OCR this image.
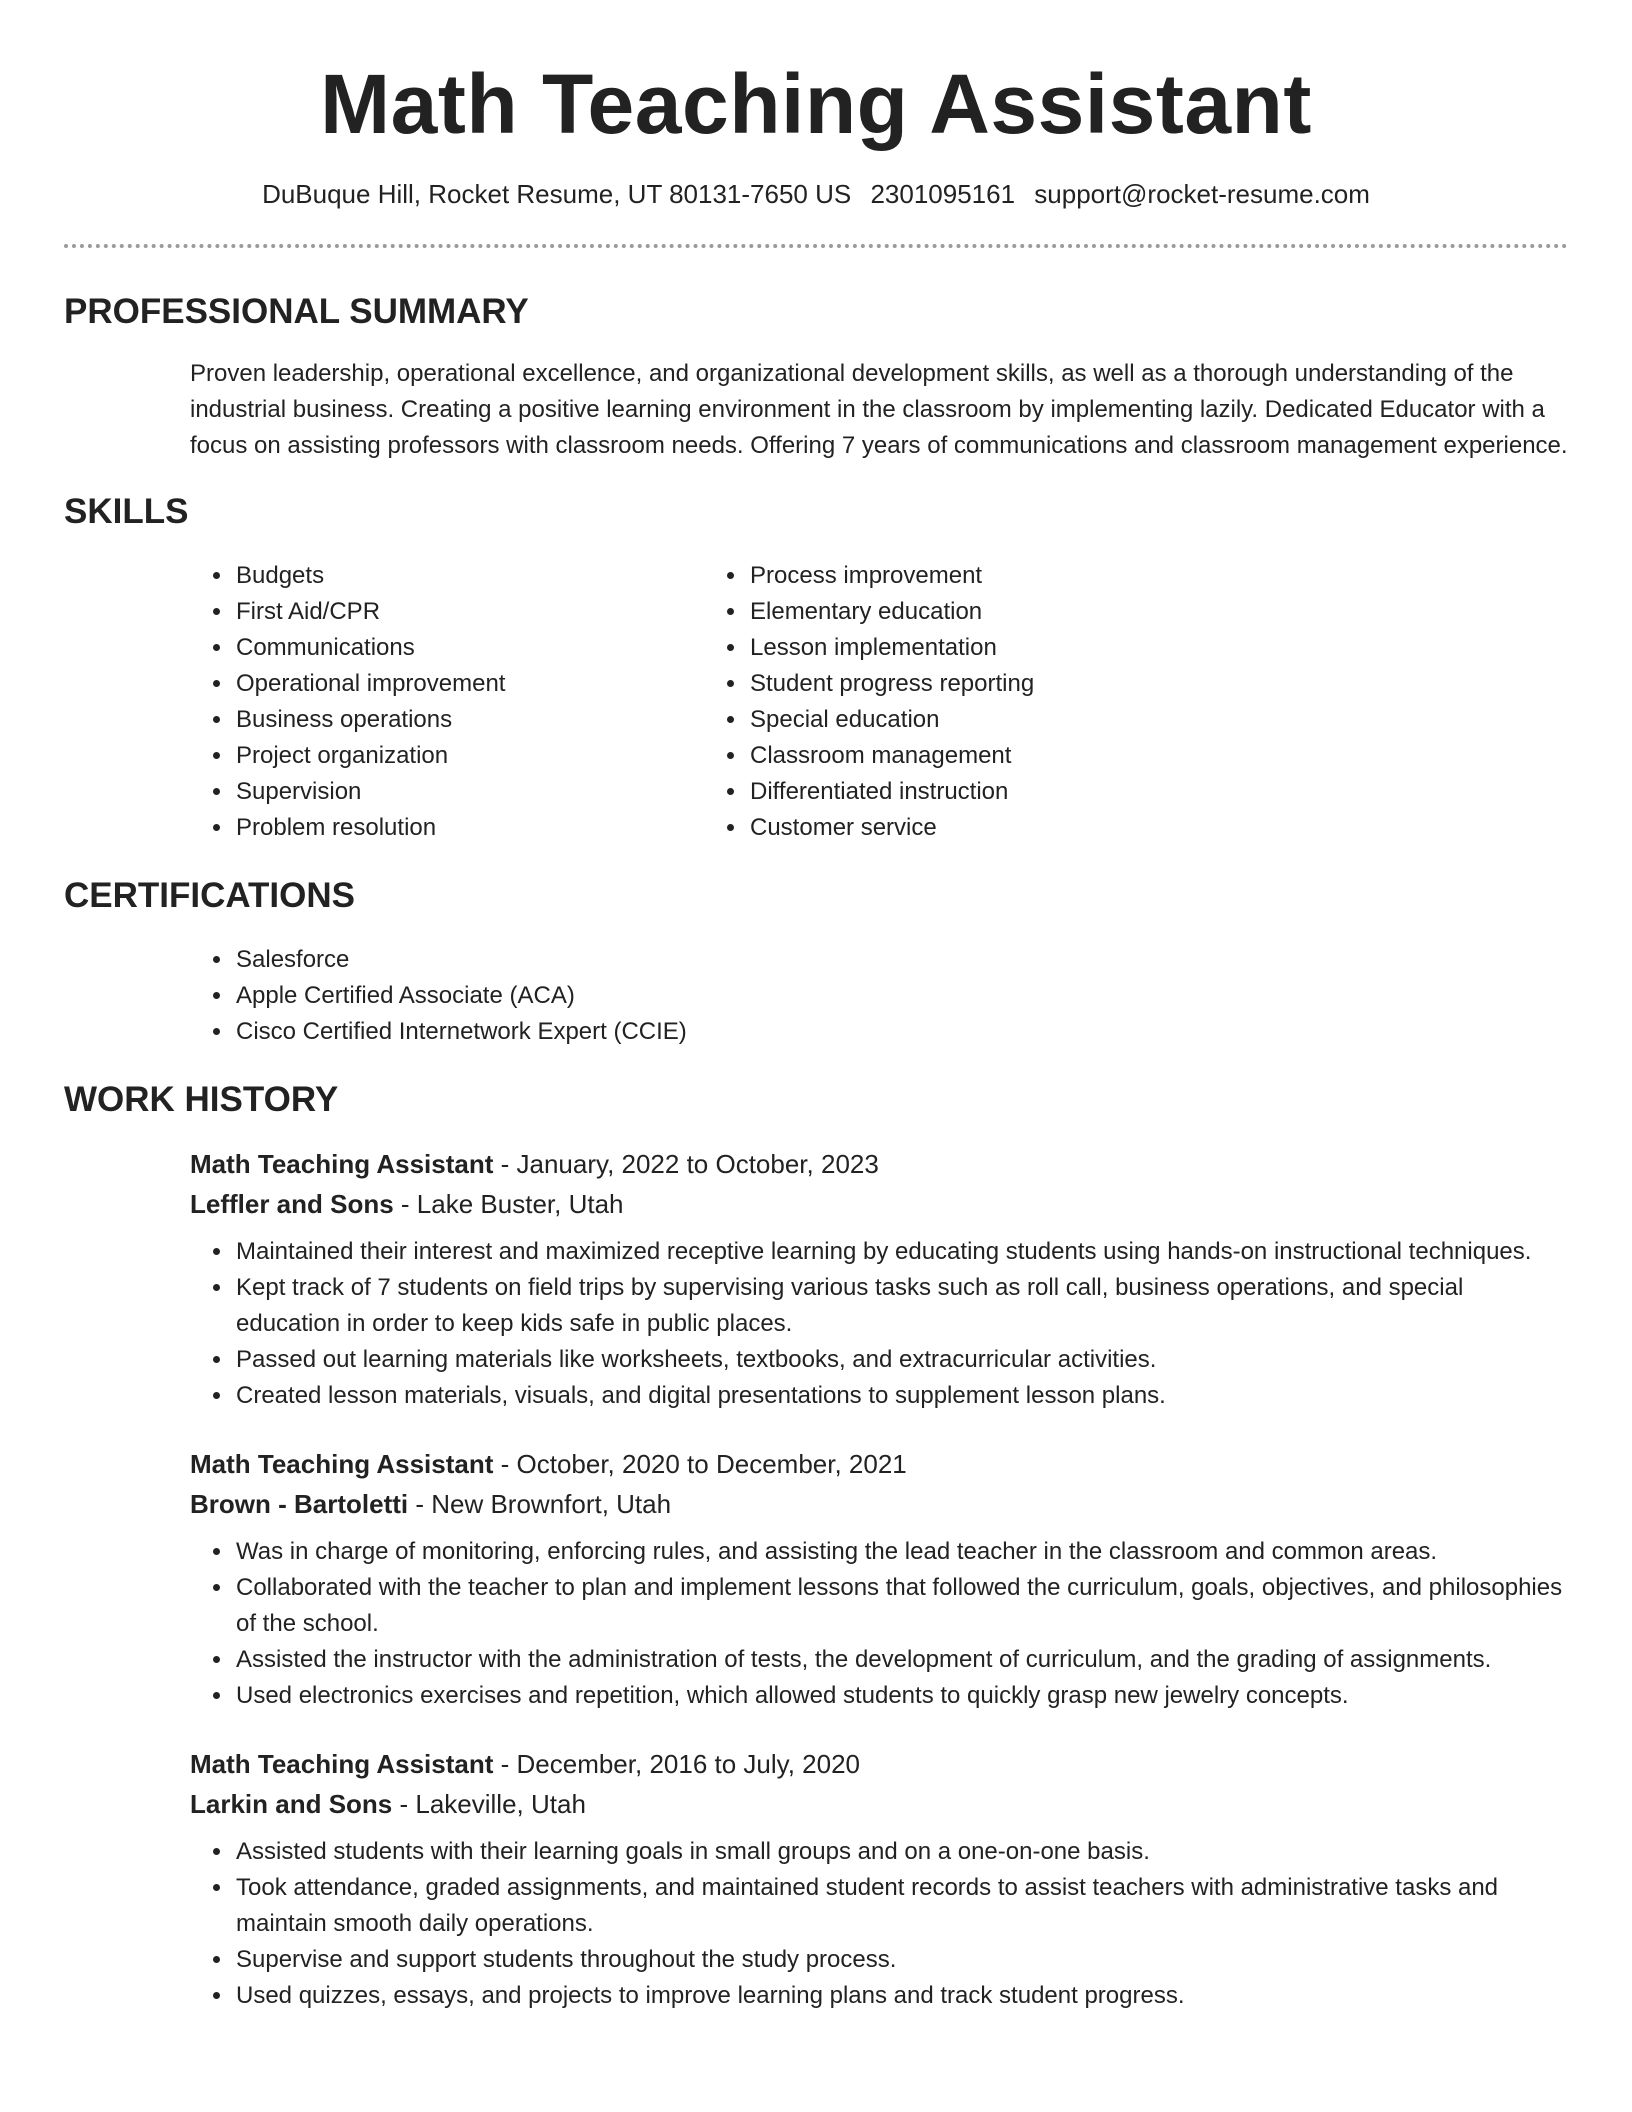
Math Teaching Assistant
DuBuque Hill, Rocket Resume, UT 80131-7650 US 2301095161 support@rocket-resume.com
PROFESSIONAL SUMMARY
Proven leadership, operational excellence, and organizational development skills, as well as a thorough understanding of the industrial business. Creating a positive learning environment in the classroom by implementing lazily. Dedicated Educator with a focus on assisting professors with classroom needs. Offering 7 years of communications and classroom management experience.
SKILLS
• Budgets
• First Aid/CPR
• Communications
• Operational improvement
• Business operations
• Project organization
• Supervision
• Problem resolution
• Process improvement
• Elementary education
• Lesson implementation
• Student progress reporting
• Special education
• Classroom management
• Differentiated instruction
• Customer service
CERTIFICATIONS
• Salesforce
• Apple Certified Associate (ACA)
• Cisco Certified Internetwork Expert (CCIE)
WORK HISTORY
Math Teaching Assistant - January, 2022 to October, 2023
Leffler and Sons - Lake Buster, Utah
• Maintained their interest and maximized receptive learning by educating students using hands-on instructional techniques.
• Kept track of 7 students on field trips by supervising various tasks such as roll call, business operations, and special education in order to keep kids safe in public places.
• Passed out learning materials like worksheets, textbooks, and extracurricular activities.
• Created lesson materials, visuals, and digital presentations to supplement lesson plans.
Math Teaching Assistant - October, 2020 to December, 2021
Brown - Bartoletti - New Brownfort, Utah
• Was in charge of monitoring, enforcing rules, and assisting the lead teacher in the classroom and common areas.
• Collaborated with the teacher to plan and implement lessons that followed the curriculum, goals, objectives, and philosophies of the school.
• Assisted the instructor with the administration of tests, the development of curriculum, and the grading of assignments.
• Used electronics exercises and repetition, which allowed students to quickly grasp new jewelry concepts.
Math Teaching Assistant - December, 2016 to July, 2020
Larkin and Sons - Lakeville, Utah
• Assisted students with their learning goals in small groups and on a one-on-one basis.
• Took attendance, graded assignments, and maintained student records to assist teachers with administrative tasks and maintain smooth daily operations.
• Supervise and support students throughout the study process.
• Used quizzes, essays, and projects to improve learning plans and track student progress.
